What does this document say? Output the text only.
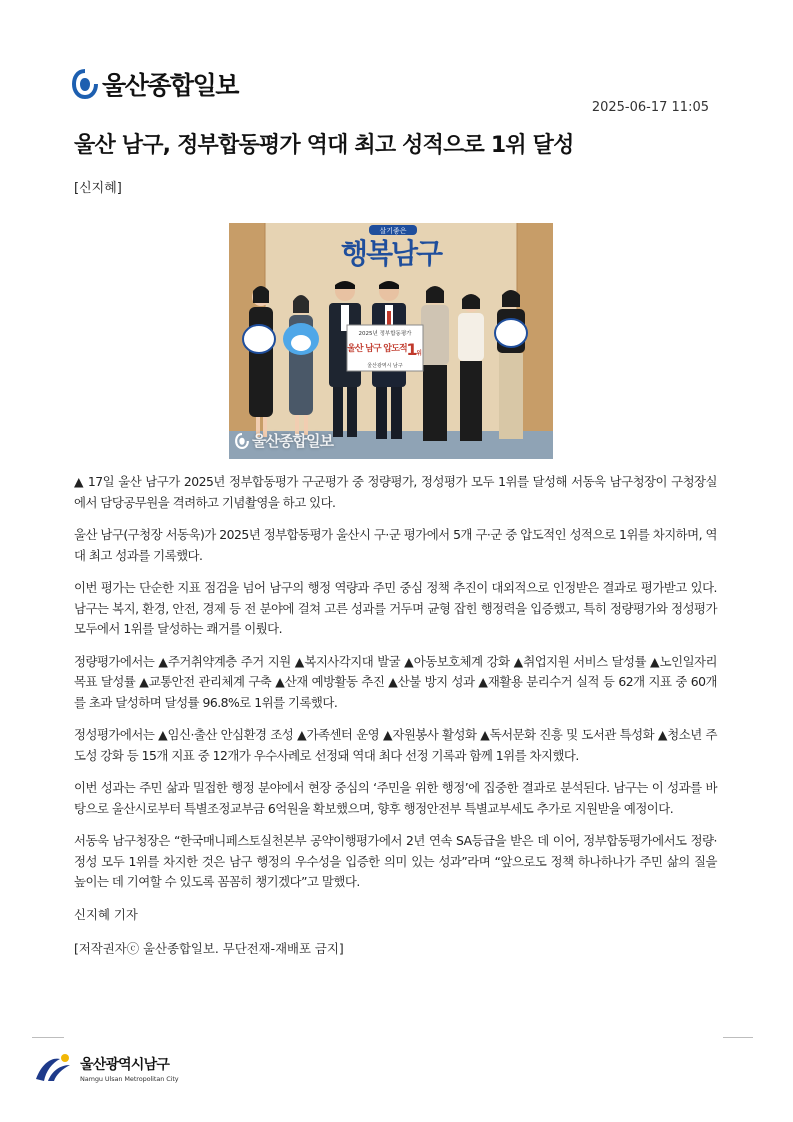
울산종합일보
2025-06-17 11:05
울산 남구, 정부합동평가 역대 최고 성적으로 1위 달성
[신지혜]
살기좋은
행복남구
2025년 정부합동평가
울산 남구 압도적 1
위
울산광역시 남구
울산종합일보

▲ 17일 울산 남구가 2025년 정부합동평가 구군평가 중 정량평가, 정성평가 모두 1위를 달성해 서동욱 남구청장이 구청장실에서 담당공무원을 격려하고 기념촬영을 하고 있다.

울산 남구(구청장 서동욱)가 2025년 정부합동평가 울산시 구·군 평가에서 5개 구·군 중 압도적인 성적으로 1위를 차지하며, 역대 최고 성과를 기록했다.

이번 평가는 단순한 지표 점검을 넘어 남구의 행정 역량과 주민 중심 정책 추진이 대외적으로 인정받은 결과로 평가받고 있다. 남구는 복지, 환경, 안전, 경제 등 전 분야에 걸쳐 고른 성과를 거두며 균형 잡힌 행정력을 입증했고, 특히 정량평가와 정성평가 모두에서 1위를 달성하는 쾌거를 이뤘다.

정량평가에서는 ▲주거취약계층 주거 지원 ▲복지사각지대 발굴 ▲아동보호체계 강화 ▲취업지원 서비스 달성률 ▲노인일자리 목표 달성률 ▲교통안전 관리체계 구축 ▲산재 예방활동 추진 ▲산불 방지 성과 ▲재활용 분리수거 실적 등 62개 지표 중 60개를 초과 달성하며 달성률 96.8%로 1위를 기록했다.

정성평가에서는 ▲임신·출산 안심환경 조성 ▲가족센터 운영 ▲자원봉사 활성화 ▲독서문화 진흥 및 도서관 특성화 ▲청소년 주도성 강화 등 15개 지표 중 12개가 우수사례로 선정돼 역대 최다 선정 기록과 함께 1위를 차지했다.

이번 성과는 주민 삶과 밀접한 행정 분야에서 현장 중심의 ‘주민을 위한 행정’에 집중한 결과로 분석된다. 남구는 이 성과를 바탕으로 울산시로부터 특별조정교부금 6억원을 확보했으며, 향후 행정안전부 특별교부세도 추가로 지원받을 예정이다.

서동욱 남구청장은 “한국매니페스토실천본부 공약이행평가에서 2년 연속 SA등급을 받은 데 이어, 정부합동평가에서도 정량·정성 모두 1위를 차지한 것은 남구 행정의 우수성을 입증한 의미 있는 성과”라며 “앞으로도 정책 하나하나가 주민 삶의 질을 높이는 데 기여할 수 있도록 꼼꼼히 챙기겠다”고 말했다.

신지혜 기자

[저작권자ⓒ 울산종합일보. 무단전재-재배포 금지]

울산광역시남구
Namgu Ulsan Metropolitan City
